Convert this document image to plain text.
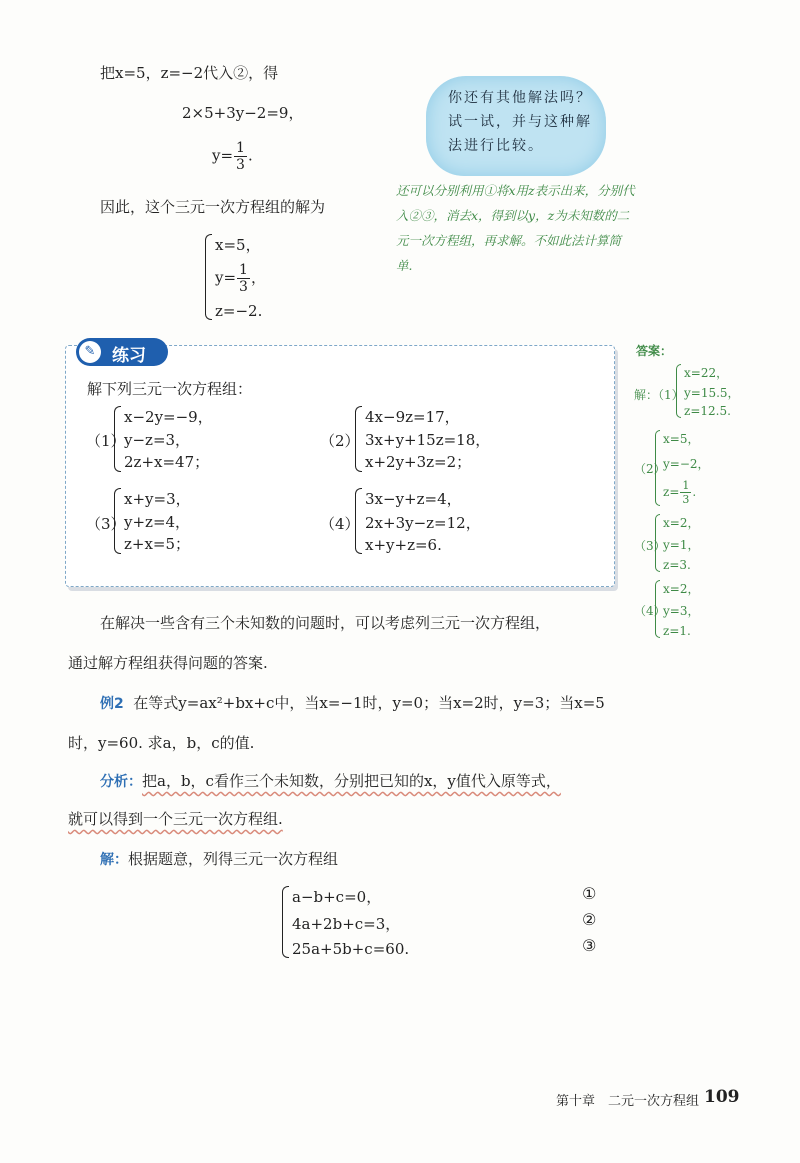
把x=5，z=−2代入②，得
2×5+3y−2=9，
$y= \frac{1}{3}$ .
因此，这个三元一次方程组的解为
x=5，
$y= \frac{1}{3}$ ，
z=−2.
你还有其他解法吗？试一试，并与这种解法进行比较。
还可以分别利用①将x用z表示出来，分别代入②③，消去x，得到以y，z为未知数的二元一次方程组，再求解。不如此法计算简单.
✎ 练习
解下列三元一次方程组：
（1）
x−2y=−9，
y−z=3，
2z+x=47；
（2）
4x−9z=17，
3x+y+15z=18，
x+2y+3z=2；
（3）
x+y=3，
y+z=4，
z+x=5；
（4）
3x−y+z=4，
2x+3y−z=12，
x+y+z=6.
答案：
解：（1）
x=22，
y=15.5，
z=12.5.
（2）
x=5，
y=−2，
$z= \frac{1}{3}$ .
（3）
x=2，
y=1，
z=3.
（4）
x=2，
y=3，
z=1.
在解决一些含有三个未知数的问题时，可以考虑列三元一次方程组，
通过解方程组获得问题的答案.
例2 在等式y=ax²+bx+c中，当x=−1时，y=0；当x=2时，y=3；当x=5
时，y=60. 求a，b，c的值.
分析：把a，b，c看作三个未知数，分别把已知的x，y值代入原等式，
就可以得到一个三元一次方程组.
解：根据题意，列得三元一次方程组
a−b+c=0，
4a+2b+c=3，
25a+5b+c=60.
①
②
③
第十章　二元一次方程组 109
